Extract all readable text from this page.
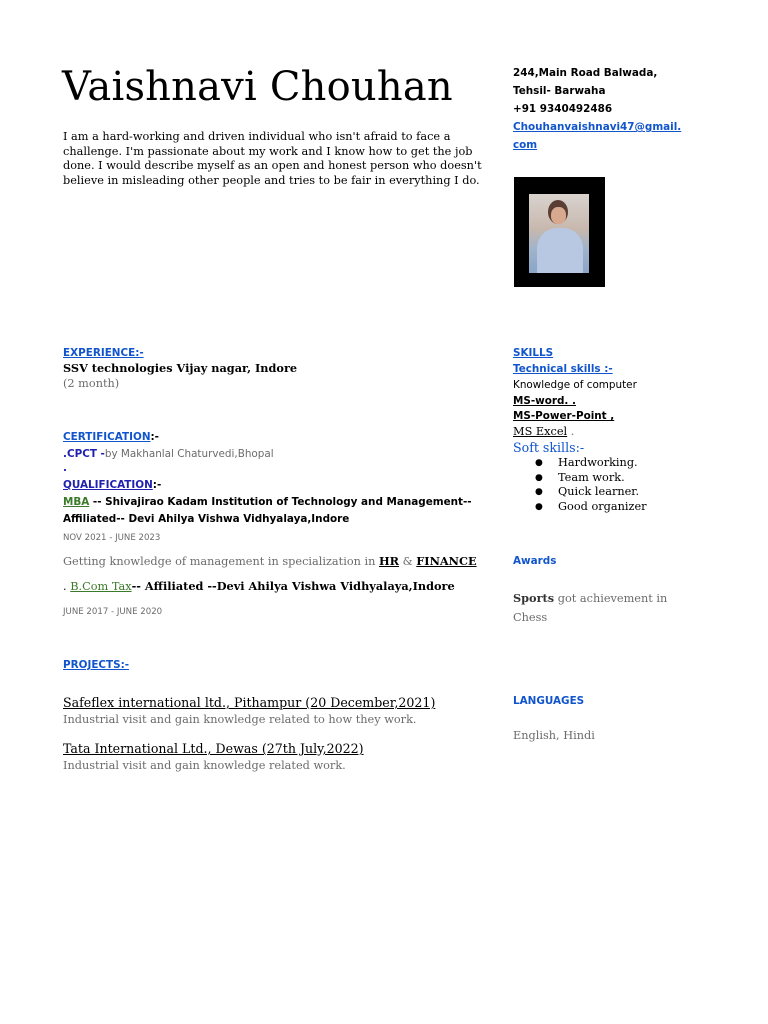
Vaishnavi Chouhan
I am a hard-working and driven individual who isn't afraid to face a challenge. I'm passionate about my work and I know how to get the job done. I would describe myself as an open and honest person who doesn't believe in misleading other people and tries to be fair in everything I do.
244,Main Road Balwada,
Tehsil- Barwaha
+91 9340492486
Chouhanvaishnavi47@gmail.com
EXPERIENCE:-
SSV technologies Vijay nagar, Indore
(2 month)
CERTIFICATION:-
.CPCT -by Makhanlal Chaturvedi,Bhopal
.
QUALIFICATION:-
MBA -- Shivajirao Kadam Institution of Technology and Management-- Affiliated-- Devi Ahilya Vishwa Vidhyalaya,Indore
NOV 2021 - JUNE 2023
Getting knowledge of management in specialization in HR & FINANCE
. B.Com Tax-- Affiliated --Devi Ahilya Vishwa Vidhyalaya,Indore
JUNE 2017 - JUNE 2020
PROJECTS:-
Safeflex international ltd., Pithampur (20 December,2021)
Industrial visit and gain knowledge related to how they work.
Tata International Ltd., Dewas (27th July,2022)
Industrial visit and gain knowledge related work.
SKILLS
Technical skills :-
Knowledge of computer
MS-word. .
MS-Power-Point ,
MS Excel .
Soft skills:-
● Hardworking.
● Team work.
● Quick learner.
● Good organizer
Awards
Sports got achievement in Chess
LANGUAGES
English, Hindi
